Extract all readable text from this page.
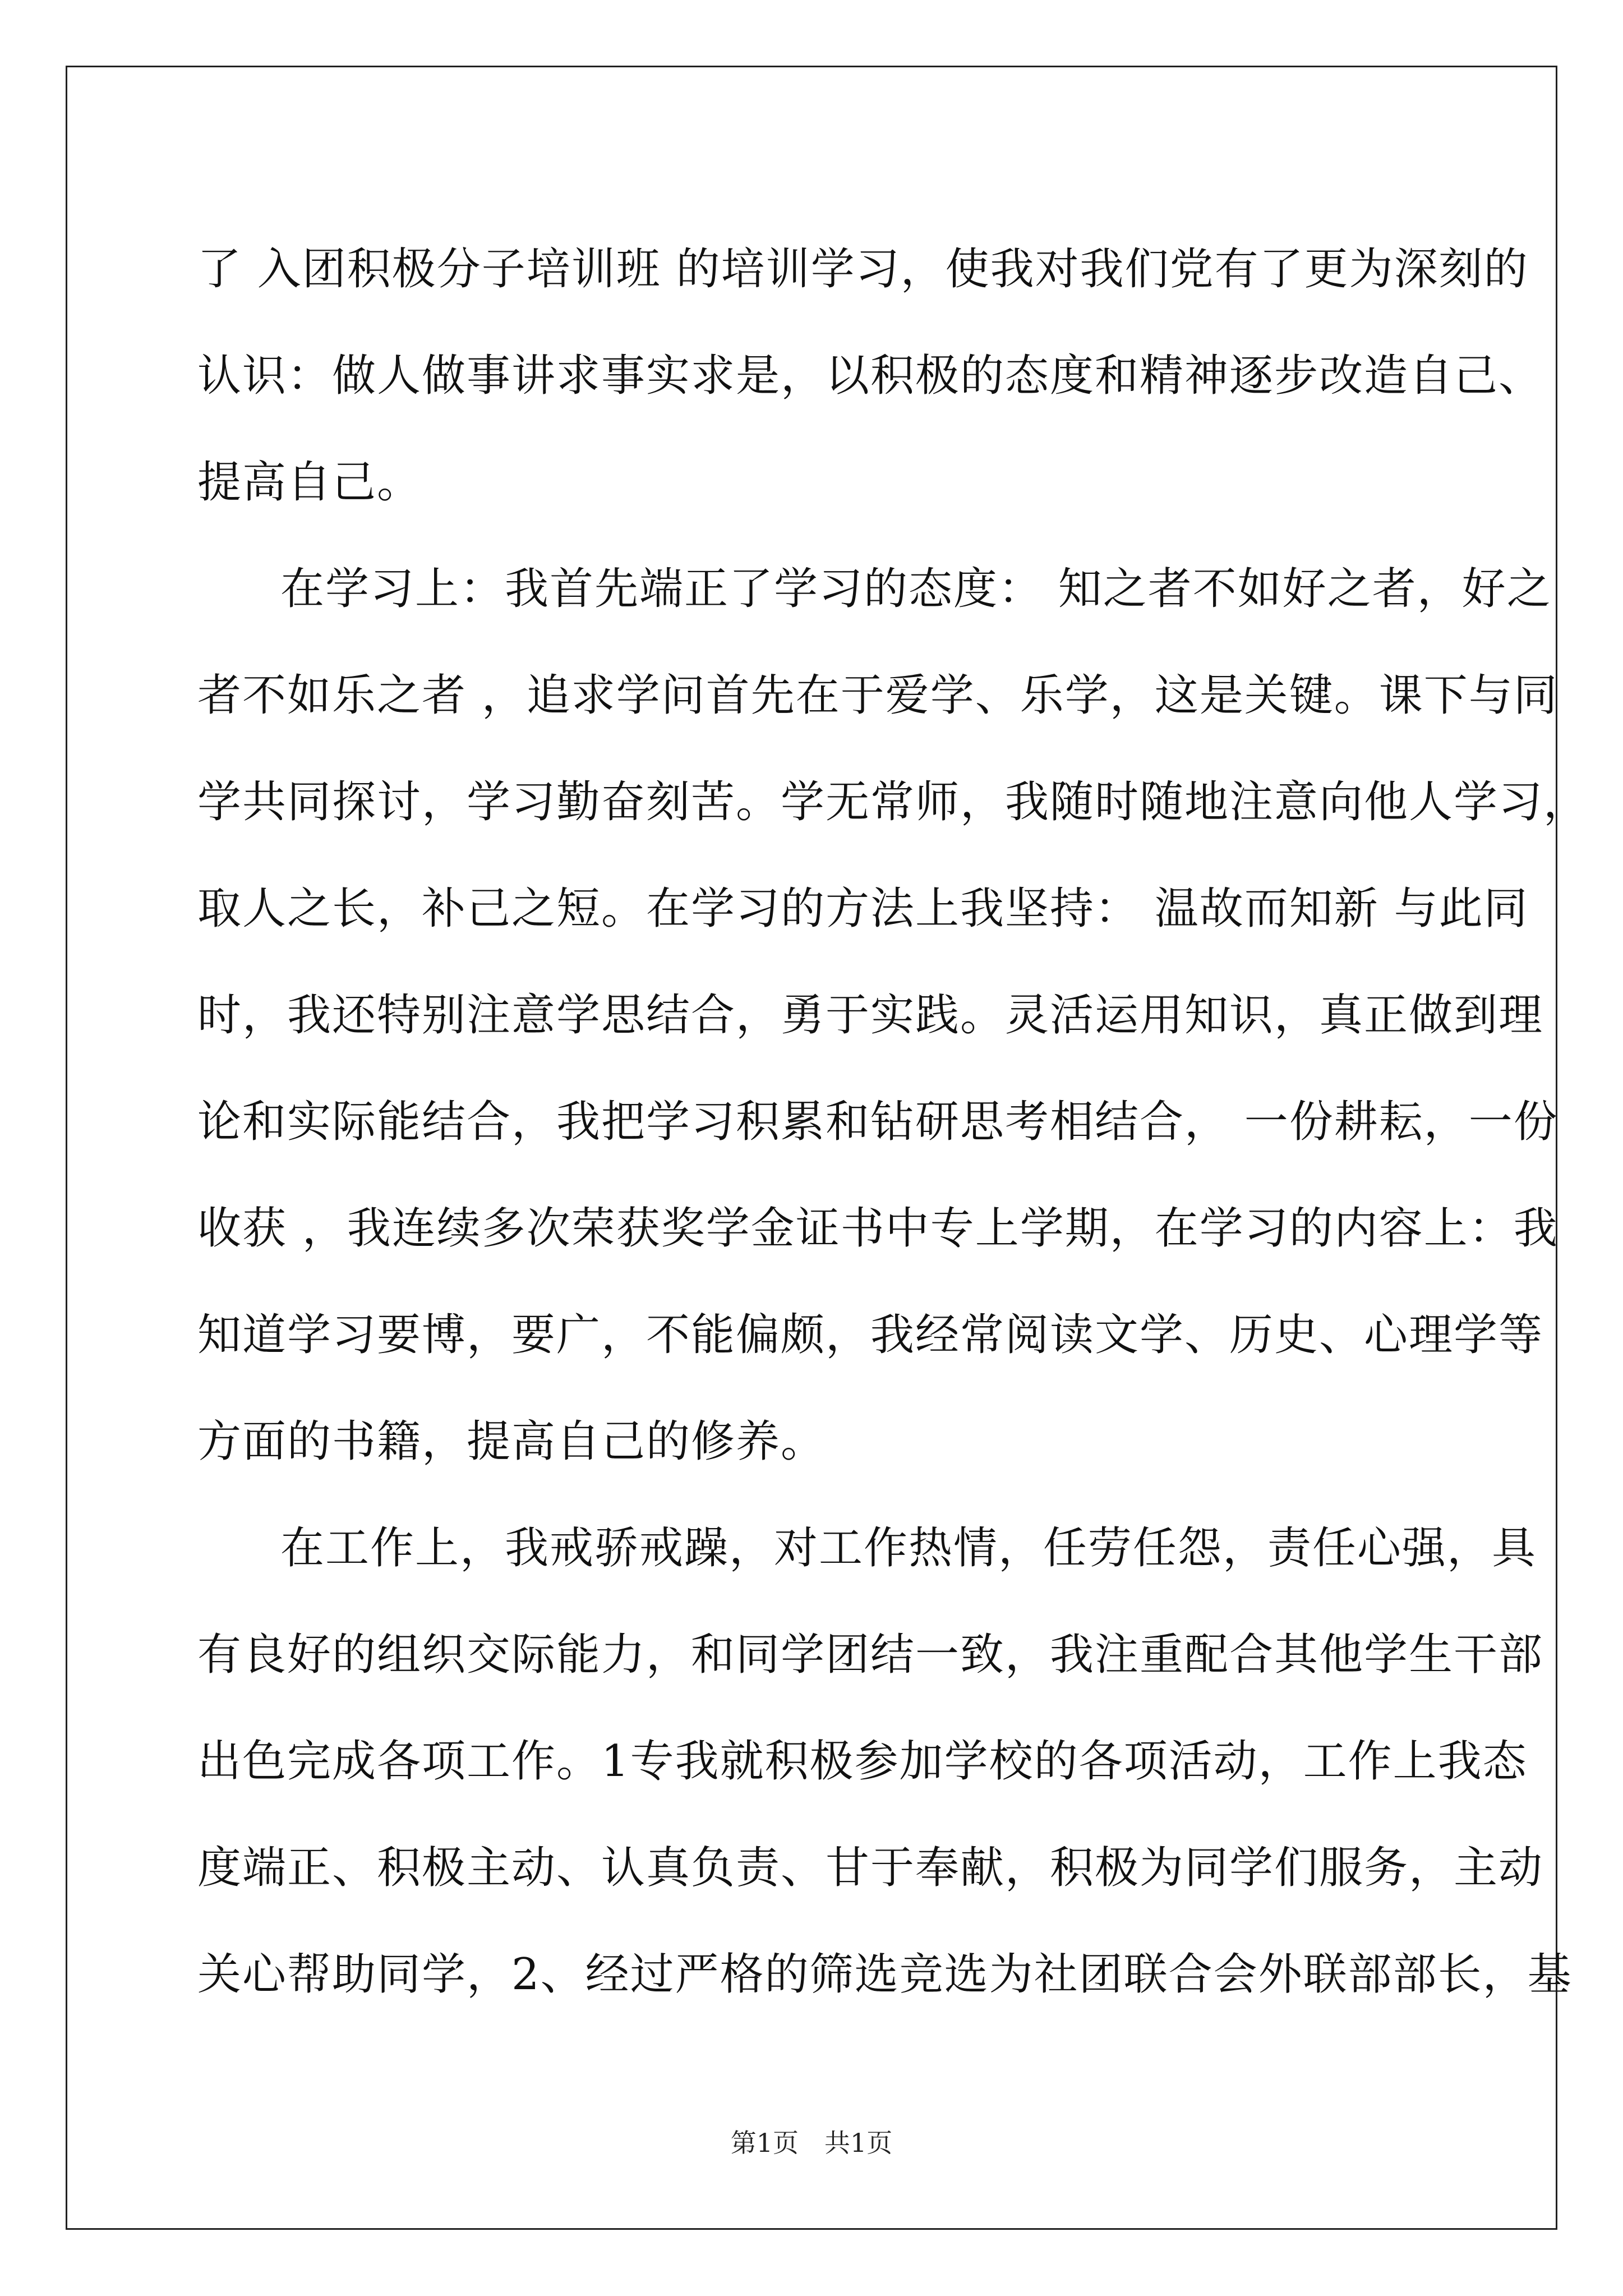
了 入团积极分子培训班 的培训学习，使我对我们党有了更为深刻的
认识：做人做事讲求事实求是，以积极的态度和精神逐步改造自己、
提高自己。
在学习上：我首先端正了学习的态度： 知之者不如好之者，好之
者不如乐之者 ，追求学问首先在于爱学、乐学，这是关键。课下与同
学共同探讨，学习勤奋刻苦。学无常师，我随时随地注意向他人学习，
取人之长，补己之短。在学习的方法上我坚持： 温故而知新 与此同
时，我还特别注意学思结合，勇于实践。灵活运用知识，真正做到理
论和实际能结合，我把学习积累和钻研思考相结合， 一份耕耘，一份
收获 ，我连续多次荣获奖学金证书中专上学期，在学习的内容上：我
知道学习要博，要广，不能偏颇，我经常阅读文学、历史、心理学等
方面的书籍，提高自己的修养。
在工作上，我戒骄戒躁，对工作热情，任劳任怨，责任心强，具
有良好的组织交际能力，和同学团结一致，我注重配合其他学生干部
出色完成各项工作。1专我就积极参加学校的各项活动，工作上我态
度端正、积极主动、认真负责、甘于奉献，积极为同学们服务，主动
关心帮助同学，2、经过严格的筛选竞选为社团联合会外联部部长，基
第1页　共1页
